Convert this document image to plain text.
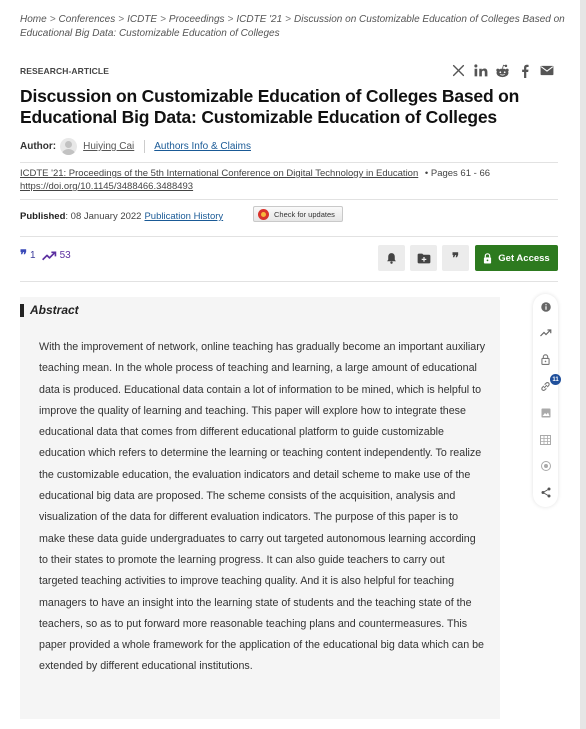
Home > Conferences > ICDTE > Proceedings > ICDTE '21 > Discussion on Customizable Education of Colleges Based on Educational Big Data: Customizable Education of Colleges
RESEARCH-ARTICLE
Discussion on Customizable Education of Colleges Based on Educational Big Data: Customizable Education of Colleges
Author:	Huiying Cai Authors Info & Claims
ICDTE '21: Proceedings of the 5th International Conference on Digital Technology in Education • Pages 61 - 66
https://doi.org/10.1145/3488466.3488493
Published : 08 January 2022 Publication History	Check for updates
❞ 1 53	❞	Get Access
Abstract

With the improvement of network, online teaching has gradually become an important auxiliary teaching mean. In the whole process of teaching and learning, a large amount of educational data is produced. Educational data contain a lot of information to be mined, which is helpful to improve the quality of learning and teaching. This paper will explore how to integrate these educational data that comes from different educational platform to guide customizable education which refers to determine the learning or teaching content independently. To realize the customizable education, the evaluation indicators and detail scheme to make use of the educational big data are proposed. The scheme consists of the acquisition, analysis and visualization of the data for different evaluation indicators. The purpose of this paper is to make these data guide undergraduates to carry out targeted autonomous learning according to their states to promote the learning progress. It can also guide teachers to carry out targeted teaching activities to improve teaching quality. And it is also helpful for teaching managers to have an insight into the learning state of students and the teaching state of the teachers, so as to put forward more reasonable teaching plans and countermeasures. This paper provided a whole framework for the application of the educational big data which can be extended by different educational institutions.

11
